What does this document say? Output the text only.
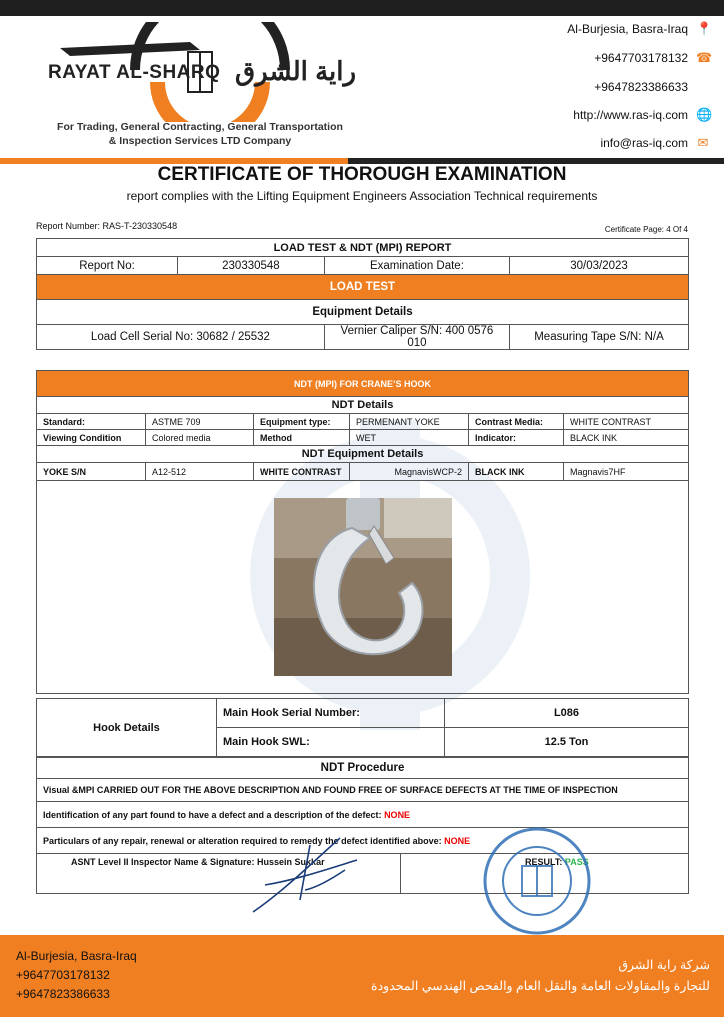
RAYAT AL-SHARQ راية الشرق
For Trading, General Contracting, General Transportation
& Inspection Services LTD Company
Al-Burjesia, Basra-Iraq 📍
+9647703178132 ☎
+9647823386633
http://www.ras-iq.com 🌐
info@ras-iq.com ✉
CERTIFICATE OF THOROUGH EXAMINATION
report complies with the Lifting Equipment Engineers Association Technical requirements
Report Number: RAS-T-230330548	Certificate Page: 4 Of 4
LOAD TEST & NDT (MPI) REPORT			
Report No:	230330548	Examination Date:	30/03/2023
LOAD TEST			
Equipment Details			
Load Cell Serial No: 30682 / 25532		Vernier Caliper S/N: 400 0576 010	Measuring Tape S/N: N/A
NDT (MPI) FOR CRANE’S HOOK					
NDT Details					
Standard:	ASTME 709	Equipment type:	PERMENANT YOKE	Contrast Media:	WHITE CONTRAST
Viewing Condition	Colored media	Method	WET	Indicator:	BLACK INK
NDT Equipment Details					
YOKE S/N	A12-512	WHITE CONTRAST	MagnavisWCP-2	BLACK INK	Magnavis7HF

Hook Details	Main Hook Serial Number:	L086
	Main Hook SWL:	12.5 Ton
NDT Procedure
Visual &MPI CARRIED OUT FOR THE ABOVE DESCRIPTION AND FOUND FREE OF SURFACE DEFECTS AT THE TIME OF INSPECTION
Identification of any part found to have a defect and a description of the defect: NONE
Particulars of any repair, renewal or alteration required to remedy the defect identified above: NONE
ASNT Level II Inspector Name & Signature: Hussein Sukkar	RESULT: PASS
Al-Burjesia, Basra-Iraq
+9647703178132
+9647823386633
شركة راية الشرق
للتجارة والمقاولات العامة والنقل العام والفحص الهندسي المحدودة
